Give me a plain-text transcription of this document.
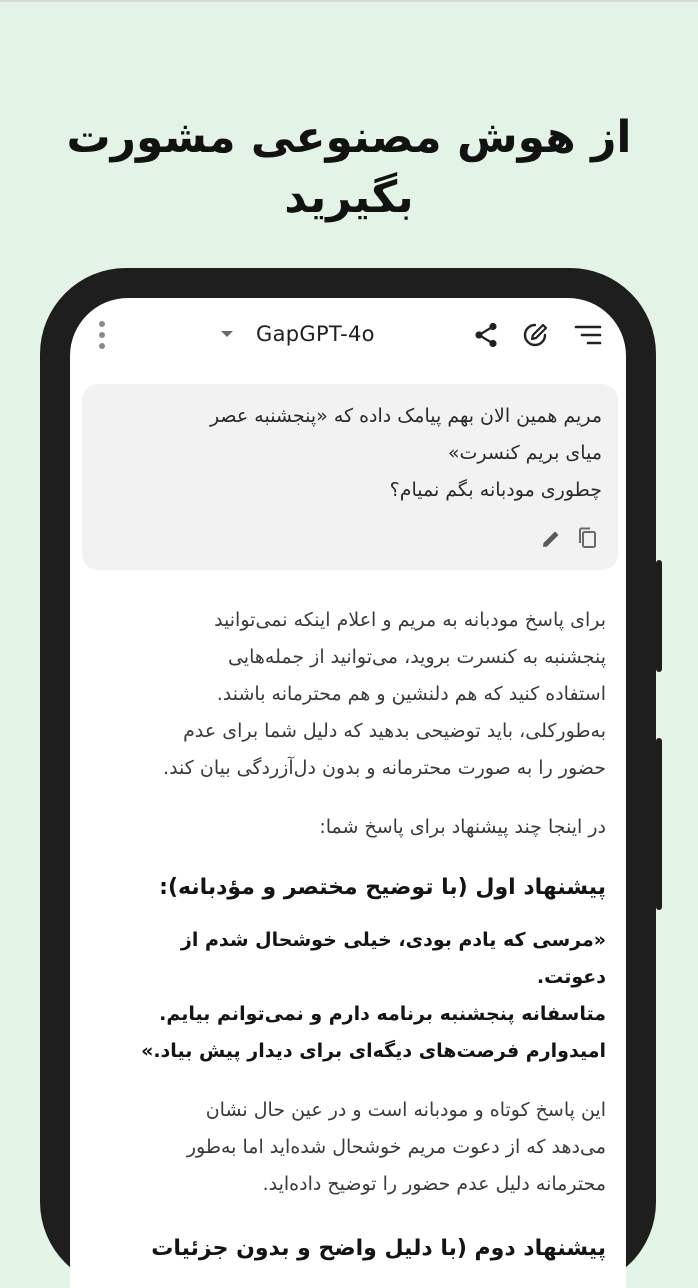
از هوش مصنوعی مشورت بگیرید
GapGPT-4o
مریم همین الان بهم پیامک داده که «پنجشنبه عصر
میای بریم کنسرت»
چطوری مودبانه بگم نمیام؟

برای پاسخ مودبانه به مریم و اعلام اینکه نمی‌توانید

پنجشنبه به کنسرت بروید، می‌توانید از جمله‌هایی

استفاده کنید که هم دلنشین و هم محترمانه باشند.

به‌طورکلی، باید توضیحی بدهید که دلیل شما برای عدم

حضور را به صورت محترمانه و بدون دل‌آزردگی بیان کند.

در اینجا چند پیشنهاد برای پاسخ شما:

پیشنهاد اول (با توضیح مختصر و مؤدبانه):
«مرسی که یادم بودی، خیلی خوشحال شدم از دعوتت.
متاسفانه پنجشنبه برنامه دارم و نمی‌توانم بیایم.
امیدوارم فرصت‌های دیگه‌ای برای دیدار پیش بیاد.»

این پاسخ کوتاه و مودبانه است و در عین حال نشان

می‌دهد که از دعوت مریم خوشحال شده‌اید اما به‌طور

محترمانه دلیل عدم حضور را توضیح داده‌اید.

پیشنهاد دوم (با دلیل واضح و بدون جزئیات
